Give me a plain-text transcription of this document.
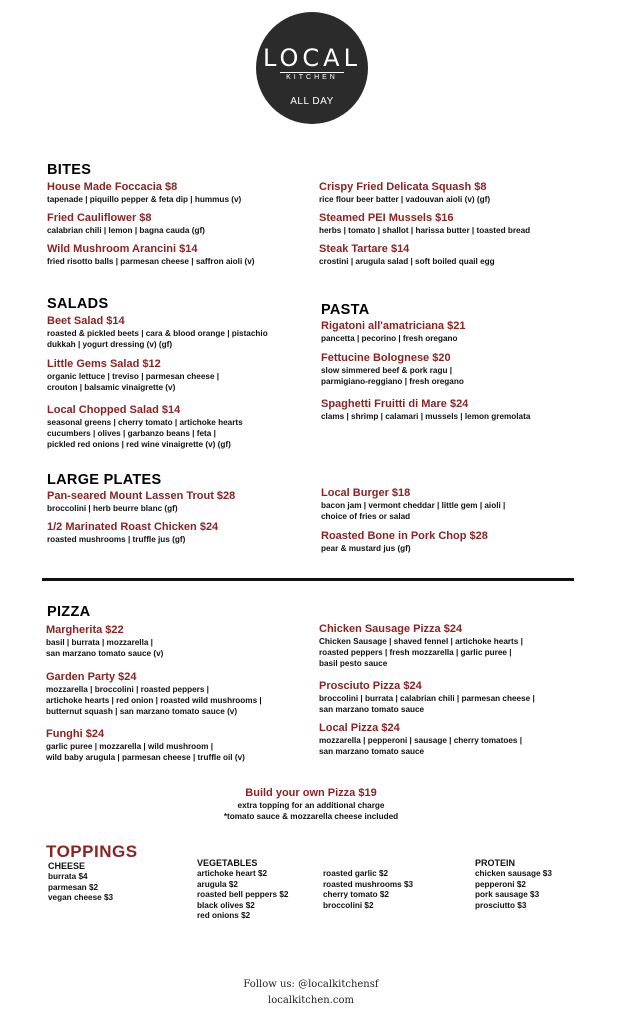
LOCAL
KITCHEN
ALL DAY
BITES
SALADS	PASTA
LARGE PLATES
PIZZA
House Made Foccacia $8
tapenade | piquillo pepper & feta dip | hummus (v)
Fried Cauliflower $8
calabrian chili | lemon | bagna cauda (gf)
Wild Mushroom Arancini $14
fried risotto balls | parmesan cheese | saffron aioli (v)
Crispy Fried Delicata Squash $8
rice flour beer batter | vadouvan aioli (v) (gf)
Steamed PEI Mussels $16
herbs | tomato | shallot | harissa butter | toasted bread
Steak Tartare $14
crostini | arugula salad | soft boiled quail egg
Beet Salad $14
roasted & pickled beets | cara & blood orange | pistachio
dukkah | yogurt dressing (v) (gf)
Little Gems Salad $12
organic lettuce | treviso | parmesan cheese |
crouton | balsamic vinaigrette (v)
Local Chopped Salad $14
seasonal greens | cherry tomato | artichoke hearts
cucumbers | olives | garbanzo beans | feta |
pickled red onions | red wine vinaigrette (v) (gf)
Rigatoni all'amatriciana $21
pancetta | pecorino | fresh oregano
Fettucine Bolognese $20
slow simmered beef & pork ragu |
parmigiano-reggiano | fresh oregano
Spaghetti Fruitti di Mare $24
clams | shrimp | calamari | mussels | lemon gremolata
Pan-seared Mount Lassen Trout $28
broccolini | herb beurre blanc (gf)
1/2 Marinated Roast Chicken $24
roasted mushrooms | truffle jus (gf)
Local Burger $18
bacon jam | vermont cheddar | little gem | aioli |
choice of fries or salad
Roasted Bone in Pork Chop $28
pear & mustard jus (gf)
Margherita $22
basil | burrata | mozzarella |
san marzano tomato sauce (v)
Garden Party $24
mozzarella | broccolini | roasted peppers |
artichoke hearts | red onion | roasted wild mushrooms |
butternut squash | san marzano tomato sauce (v)
Funghi $24
garlic puree | mozzarella | wild mushroom |
wild baby arugula | parmesan cheese | truffle oil (v)
Chicken Sausage Pizza $24
Chicken Sausage | shaved fennel | artichoke hearts |
roasted peppers | fresh mozzarella | garlic puree |
basil pesto sauce
Prosciuto Pizza $24
broccolini | burrata | calabrian chili | parmesan cheese |
san marzano tomato sauce
Local Pizza $24
mozzarella | pepperoni | sausage | cherry tomatoes |
san marzano tomato sauce
Build your own Pizza $19
extra topping for an additional charge
*tomato sauce & mozzarella cheese included
TOPPINGS
CHEESE
burrata $4
parmesan $2
vegan cheese $3
VEGETABLES
artichoke heart $2
arugula $2
roasted bell peppers $2
black olives $2
red onions $2
roasted garlic $2
roasted mushrooms $3
cherry tomato $2
broccolini $2
PROTEIN
chicken sausage $3
pepperoni $2
pork sausage $3
prosciutto $3
Follow us: @localkitchensf
localkitchen.com
